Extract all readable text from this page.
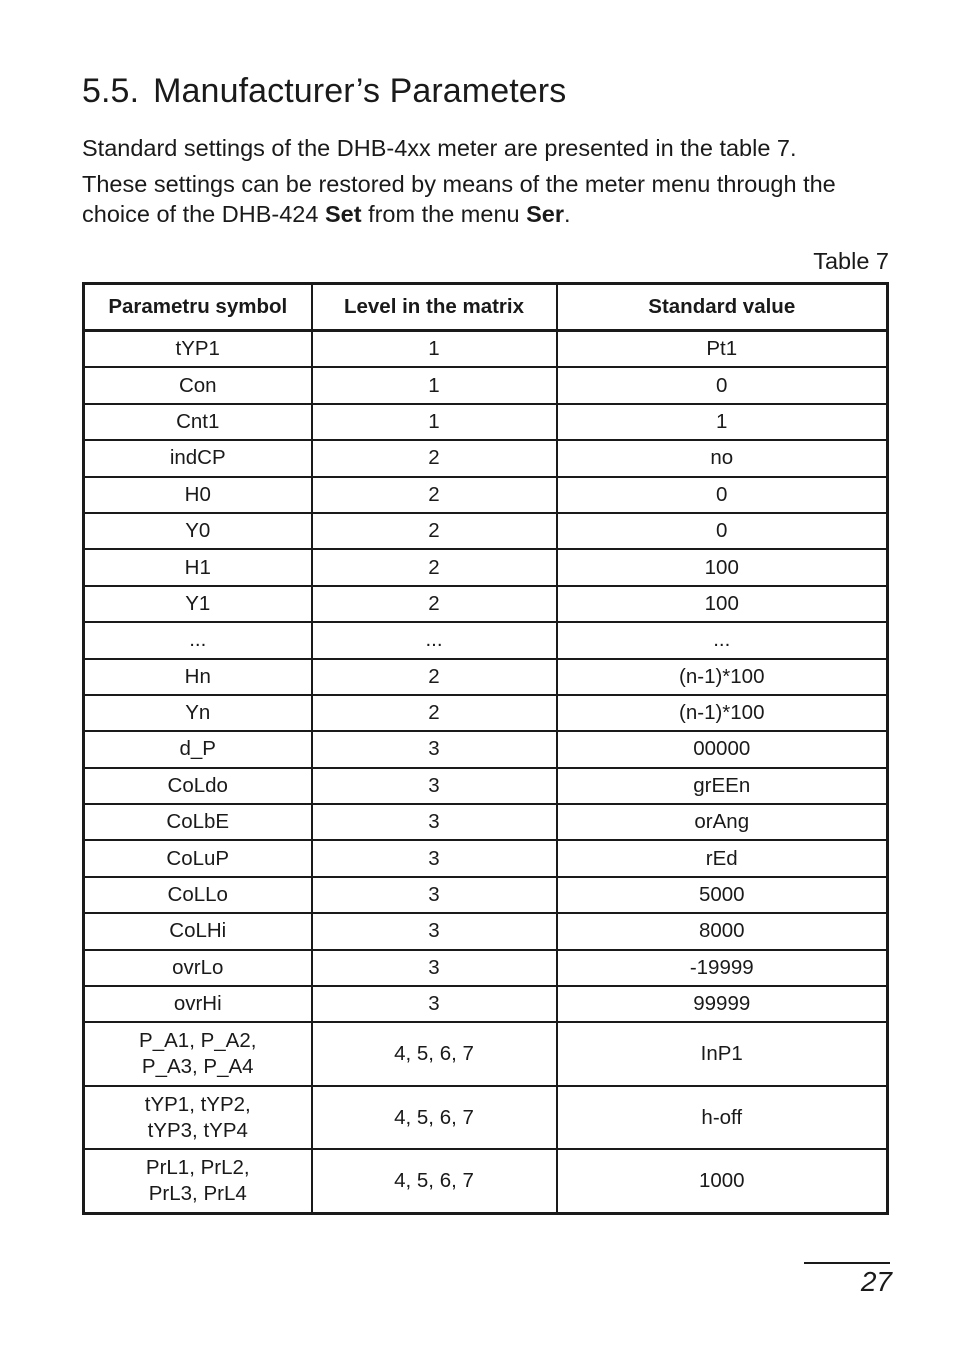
5.5. Manufacturer’s Parameters

Standard settings of the DHB-4xx meter are presented in the table 7.

These settings can be restored by means of the meter menu through the choice of the DHB-424 Set from the menu Ser.

Table 7
Parametru symbol	Level in the matrix	Standard value
tYP1	1	Pt1
Con	1	0
Cnt1	1	1
indCP	2	no
H0	2	0
Y0	2	0
H1	2	100
Y1	2	100
...	...	...
Hn	2	(n-1)*100
Yn	2	(n-1)*100
d_P	3	00000
CoLdo	3	grEEn
CoLbE	3	orAng
CoLuP	3	rEd
CoLLo	3	5000
CoLHi	3	8000
ovrLo	3	-19999
ovrHi	3	99999
P_A1, P_A2,
P_A3, P_A4	4, 5, 6, 7	InP1
tYP1, tYP2,
tYP3, tYP4	4, 5, 6, 7	h-off
PrL1, PrL2,
PrL3, PrL4	4, 5, 6, 7	1000
27
